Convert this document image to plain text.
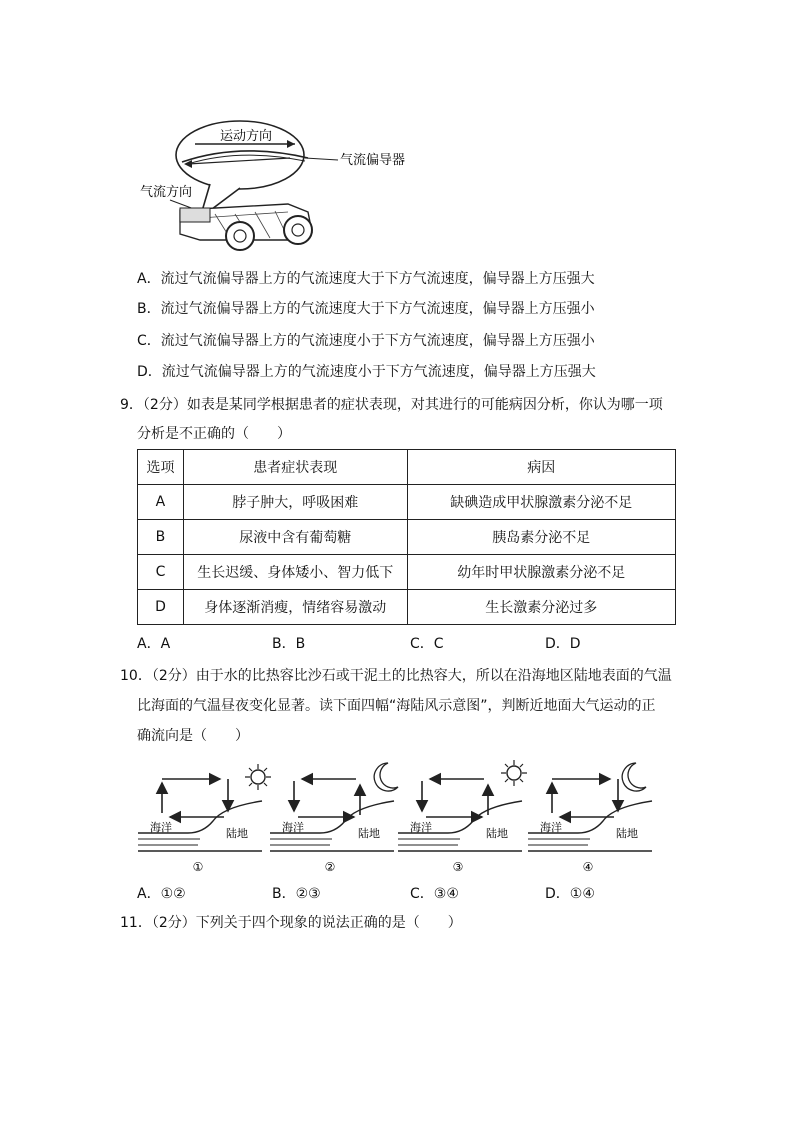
运动方向
气流偏导器
气流方向
A．流过气流偏导器上方的气流速度大于下方气流速度，偏导器上方压强大
B．流过气流偏导器上方的气流速度大于下方气流速度，偏导器上方压强小
C．流过气流偏导器上方的气流速度小于下方气流速度，偏导器上方压强小
D．流过气流偏导器上方的气流速度小于下方气流速度，偏导器上方压强大
9．（2分）如表是某同学根据患者的症状表现，对其进行的可能病因分析，你认为哪一项
分析是不正确的（　　）
选项	患者症状表现	病因
A	脖子肿大，呼吸困难	缺碘造成甲状腺激素分泌不足
B	尿液中含有葡萄糖	胰岛素分泌不足
C	生长迟缓、身体矮小、智力低下	幼年时甲状腺激素分泌不足
D	身体逐渐消瘦，情绪容易激动	生长激素分泌过多
A．A	B．B	C．C	D．D
10．（2分）由于水的比热容比沙石或干泥土的比热容大，所以在沿海地区陆地表面的气温
比海面的气温昼夜变化显著。读下面四幅“海陆风示意图”，判断近地面大气运动的正
确流向是（　　）
海洋	陆地
①
海洋	陆地
②
海洋	陆地
③
海洋	陆地
④
A．①②	B．②③	C．③④	D．①④
11．（2分）下列关于四个现象的说法正确的是（　　）
